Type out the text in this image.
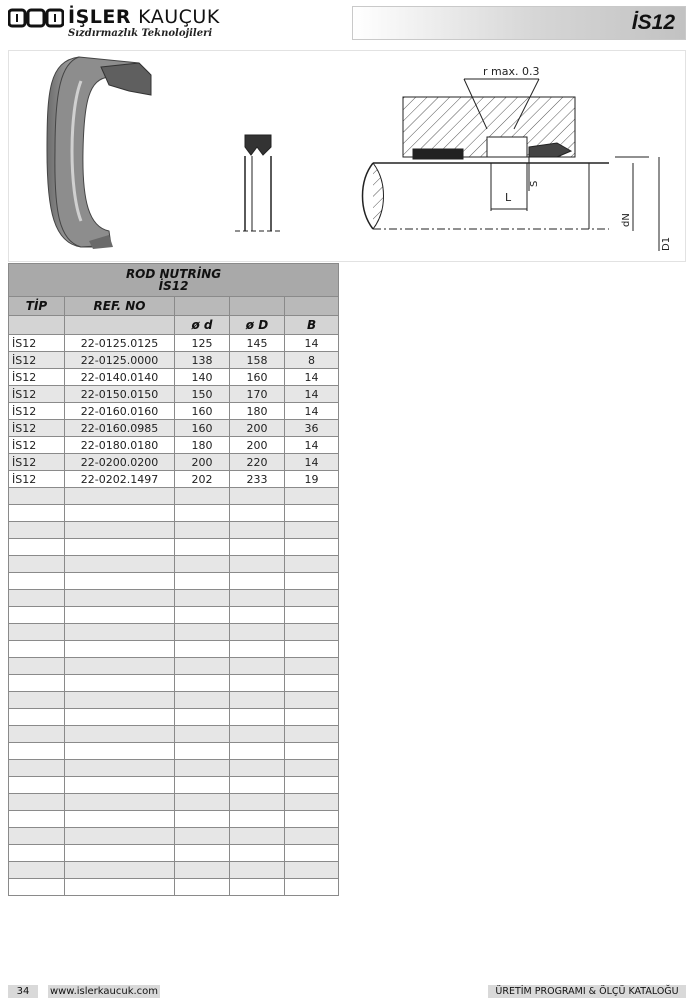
İŞLER KAUÇUK
Sızdırmazlık Teknolojileri	İS12
r max. 0.3
L
S
dN
D1
ROD NUTRİNG
İS12				

TİP	REF. NO			
		ø d	ø D	B
İS12	22-0125.0125	125	145	14
İS12	22-0125.0000	138	158	8
İS12	22-0140.0140	140	160	14
İS12	22-0150.0150	150	170	14
İS12	22-0160.0160	160	180	14
İS12	22-0160.0985	160	200	36
İS12	22-0180.0180	180	200	14
İS12	22-0200.0200	200	220	14
İS12	22-0202.1497	202	233	19

34	www.islerkaucuk.com	ÜRETİM PROGRAMI & ÖLÇÜ KATALOĞU
